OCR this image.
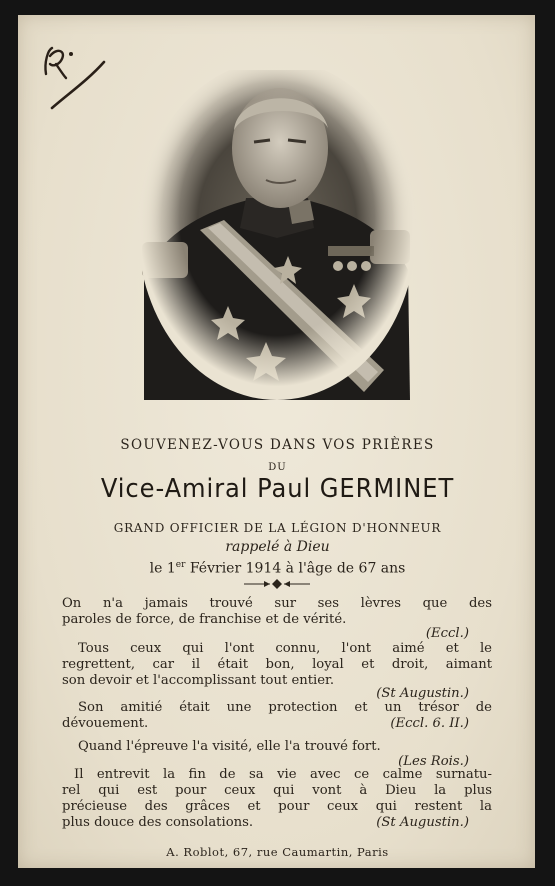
SOUVENEZ-VOUS DANS VOS PRIÈRES
DU
Vice-Amiral Paul GERMINET
GRAND OFFICIER DE LA LÉGION D'HONNEUR
rappelé à Dieu
le 1er Février 1914 à l'âge de 67 ans
On n'a jamais trouvé sur ses lèvres que des
paroles de force, de franchise et de vérité.
(Eccl.)
Tous ceux qui l'ont connu, l'ont aimé et le
regrettent, car il était bon, loyal et droit, aimant
son devoir et l'accomplissant tout entier.
(St Augustin.)
Son amitié était une protection et un trésor de
dévouement.	(Eccl. 6. II.)
Quand l'épreuve l'a visité, elle l'a trouvé fort.
(Les Rois.)
Il entrevit la fin de sa vie avec ce calme surnatu-
rel qui est pour ceux qui vont à Dieu la plus
précieuse des grâces et pour ceux qui restent la
plus douce des consolations.	(St Augustin.)
A. Roblot, 67, rue Caumartin, Paris
